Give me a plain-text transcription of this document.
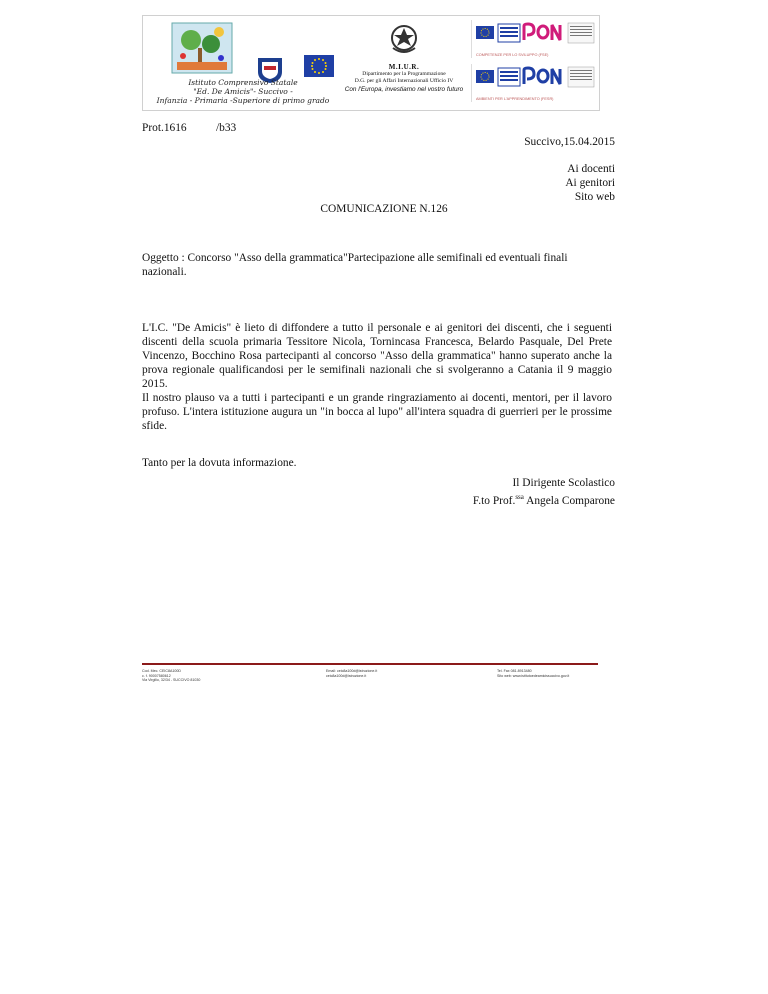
Istituto Comprensivo Statale
"Ed. De Amicis"- Succivo -
Infanzia - Primaria -Superiore di primo grado
M.I.U.R.
Dipartimento per la Programmazione
D.G. per gli Affari Internazionali Ufficio IV
Con l'Europa, investiamo nel vostro futuro
COMPETENZE PER LO SVILUPPO (FSE)
AMBIENTI PER L'APPRENDIMENTO (FESR)
Prot.1616	/b33
Succivo,15.04.2015
Ai docenti
Ai genitori
Sito web
COMUNICAZIONE N.126
Oggetto : Concorso "Asso della grammatica"Partecipazione alle semifinali ed eventuali finali nazionali.

L'I.C. "De Amicis" è lieto di diffondere a tutto il personale e ai genitori dei discenti, che i seguenti discenti della scuola primaria Tessitore Nicola, Tornincasa Francesca, Belardo Pasquale, Del Prete Vincenzo, Bocchino Rosa partecipanti al concorso "Asso della grammatica" hanno superato anche la prova regionale qualificandosi per le semifinali nazionali che si svolgeranno a Catania il 9 maggio 2015.

Il nostro plauso va a tutti i partecipanti e un grande ringraziamento ai docenti, mentori, per il lavoro profuso. L'intera istituzione augura un "in bocca al lupo" all'intera squadra di guerrieri per le prossime sfide.

Tanto per la dovuta informazione.
Il Dirigente Scolastico
F.to Prof.$^{ssa}$ Angela Comparone
Cod. Mec. CEIC8A100D
c. f. 90007580612
Via Virgilio, 32/34 - SUCCIVO 81030
Email: ceic8a100d@istruzione.it
ceic8a100d@istruzione.it
Tel. Fax 081.8913480
Sito web: www.istitutoedeamicissuccivo.gov.it
